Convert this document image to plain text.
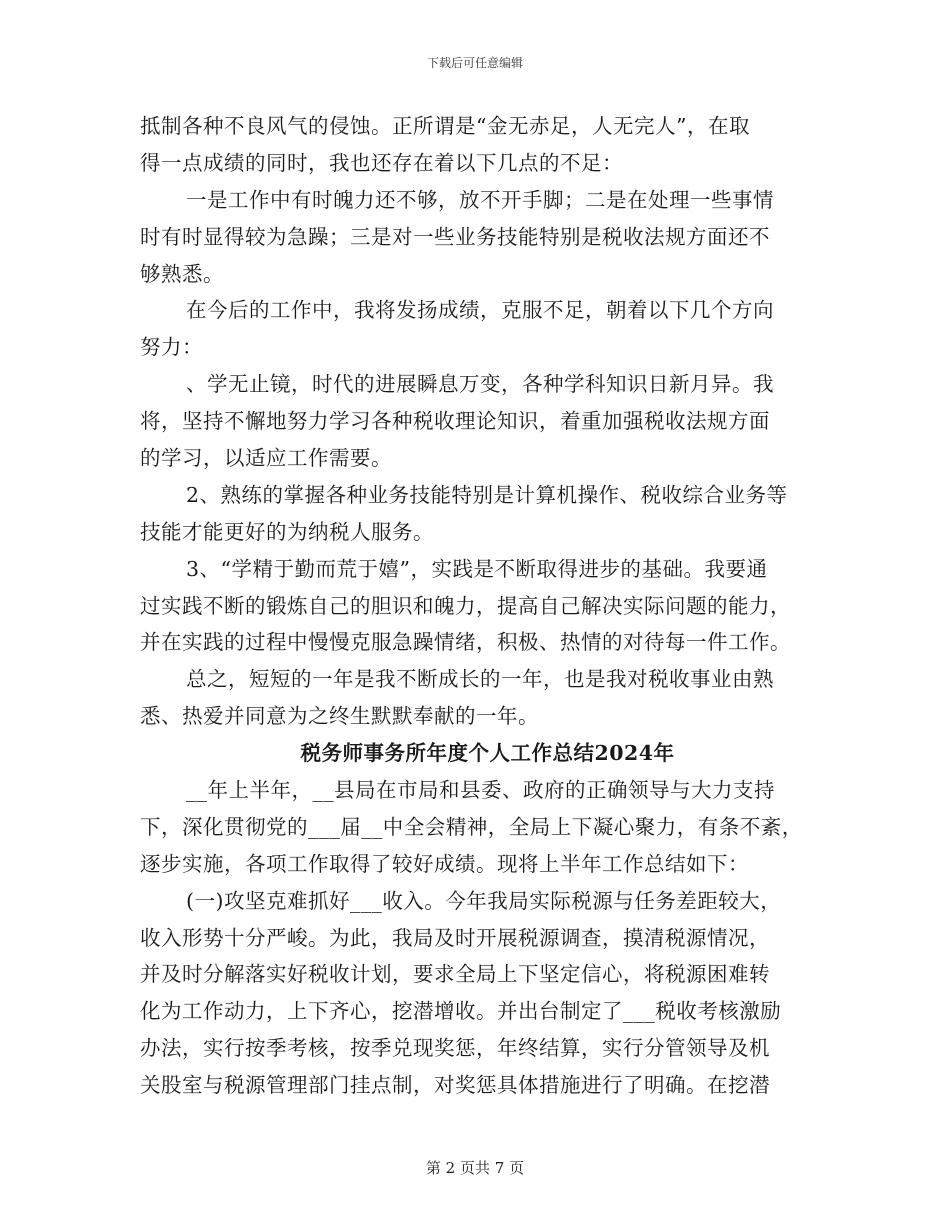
下载后可任意编辑
抵制各种不良风气的侵蚀。正所谓是“金无赤足，人无完人”，在取
得一点成绩的同时，我也还存在着以下几点的不足：
一是工作中有时魄力还不够，放不开手脚；二是在处理一些事情
时有时显得较为急躁；三是对一些业务技能特别是税收法规方面还不
够熟悉。
在今后的工作中，我将发扬成绩，克服不足，朝着以下几个方向
努力：
、学无止镜，时代的进展瞬息万变，各种学科知识日新月异。我
将，坚持不懈地努力学习各种税收理论知识，着重加强税收法规方面
的学习，以适应工作需要。
2、熟练的掌握各种业务技能特别是计算机操作、税收综合业务等
技能才能更好的为纳税人服务。
3、“学精于勤而荒于嬉”，实践是不断取得进步的基础。我要通
过实践不断的锻炼自己的胆识和魄力，提高自己解决实际问题的能力，
并在实践的过程中慢慢克服急躁情绪，积极、热情的对待每一件工作。
总之，短短的一年是我不断成长的一年，也是我对税收事业由熟
悉、热爱并同意为之终生默默奉献的一年。
税务师事务所年度个人工作总结2024年
__年上半年，__县局在市局和县委、政府的正确领导与大力支持
下，深化贯彻党的___届__中全会精神，全局上下凝心聚力，有条不紊，
逐步实施，各项工作取得了较好成绩。现将上半年工作总结如下：
(一)攻坚克难抓好___收入。今年我局实际税源与任务差距较大，
收入形势十分严峻。为此，我局及时开展税源调查，摸清税源情况，
并及时分解落实好税收计划，要求全局上下坚定信心，将税源困难转
化为工作动力，上下齐心，挖潜增收。并出台制定了___税收考核激励
办法，实行按季考核，按季兑现奖惩，年终结算，实行分管领导及机
关股室与税源管理部门挂点制，对奖惩具体措施进行了明确。在挖潜
第 2 页共 7 页
